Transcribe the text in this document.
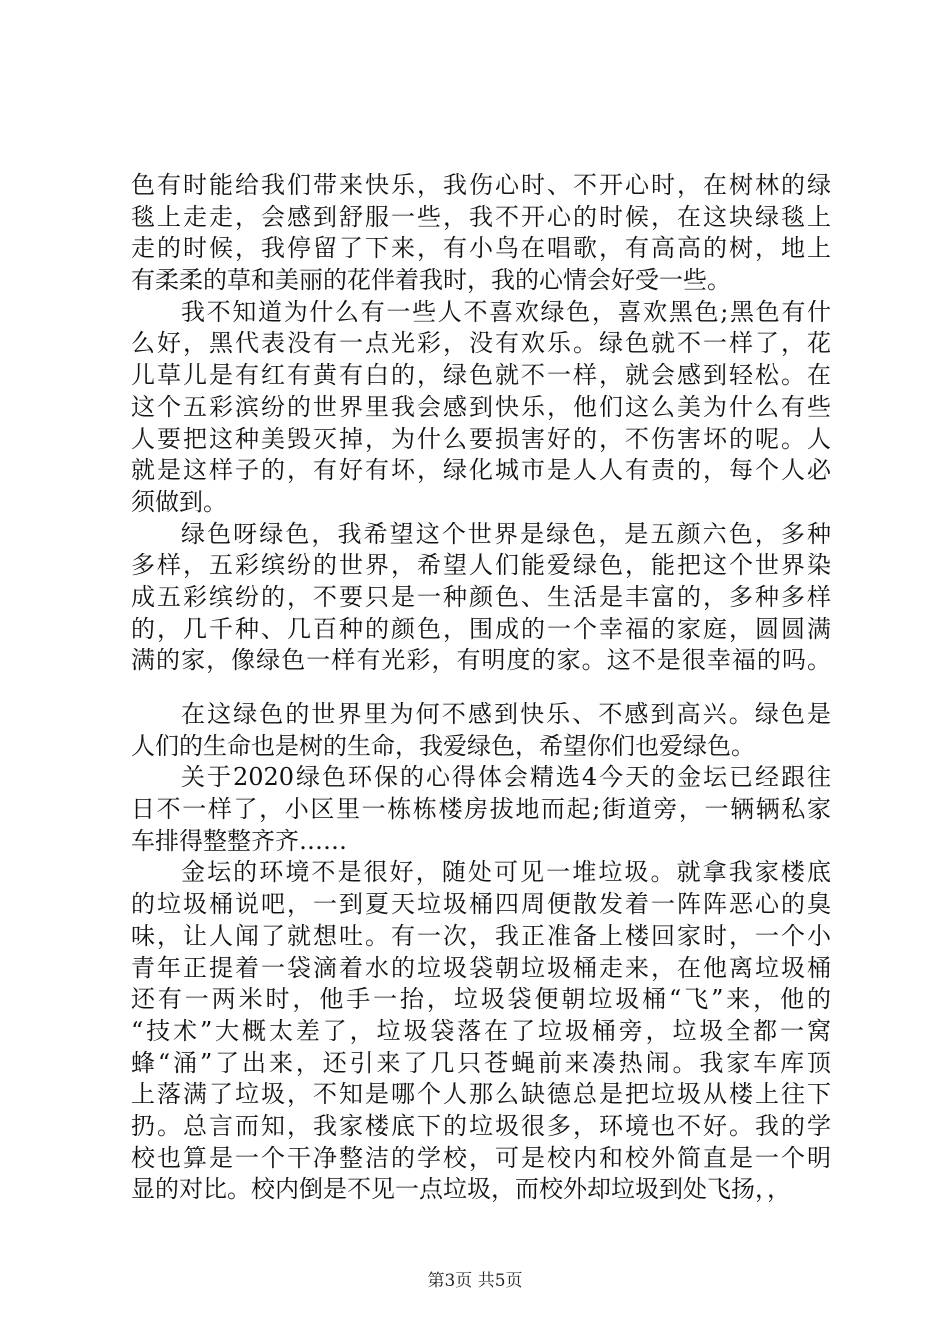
色有时能给我们带来快乐，我伤心时、不开心时，在树林的绿
毯上走走，会感到舒服一些，我不开心的时候，在这块绿毯上
走的时候，我停留了下来，有小鸟在唱歌，有高高的树，地上
有柔柔的草和美丽的花伴着我时，我的心情会好受一些。
我不知道为什么有一些人不喜欢绿色，喜欢黑色;黑色有什
么好，黑代表没有一点光彩，没有欢乐。绿色就不一样了，花
儿草儿是有红有黄有白的，绿色就不一样，就会感到轻松。在
这个五彩滨纷的世界里我会感到快乐，他们这么美为什么有些
人要把这种美毁灭掉，为什么要损害好的，不伤害坏的呢。人
就是这样子的，有好有坏，绿化城市是人人有责的，每个人必
须做到。
绿色呀绿色，我希望这个世界是绿色，是五颜六色，多种
多样，五彩缤纷的世界，希望人们能爱绿色，能把这个世界染
成五彩缤纷的，不要只是一种颜色、生活是丰富的，多种多样
的，几千种、几百种的颜色，围成的一个幸福的家庭，圆圆满
满的家，像绿色一样有光彩，有明度的家。这不是很幸福的吗。
在这绿色的世界里为何不感到快乐、不感到高兴。绿色是
人们的生命也是树的生命，我爱绿色，希望你们也爱绿色。
关于2020绿色环保的心得体会精选4今天的金坛已经跟往
日不一样了，小区里一栋栋楼房拔地而起;街道旁，一辆辆私家
车排得整整齐齐……
金坛的环境不是很好，随处可见一堆垃圾。就拿我家楼底
的垃圾桶说吧，一到夏天垃圾桶四周便散发着一阵阵恶心的臭
味，让人闻了就想吐。有一次，我正准备上楼回家时，一个小
青年正提着一袋滴着水的垃圾袋朝垃圾桶走来，在他离垃圾桶
还有一两米时，他手一抬，垃圾袋便朝垃圾桶“飞”来，他的
“技术”大概太差了，垃圾袋落在了垃圾桶旁，垃圾全都一窝
蜂“涌”了出来，还引来了几只苍蝇前来凑热闹。我家车库顶
上落满了垃圾，不知是哪个人那么缺德总是把垃圾从楼上往下
扔。总言而知，我家楼底下的垃圾很多，环境也不好。我的学
校也算是一个干净整洁的学校，可是校内和校外简直是一个明
显的对比。校内倒是不见一点垃圾，而校外却垃圾到处飞扬，，
第3页 共5页
